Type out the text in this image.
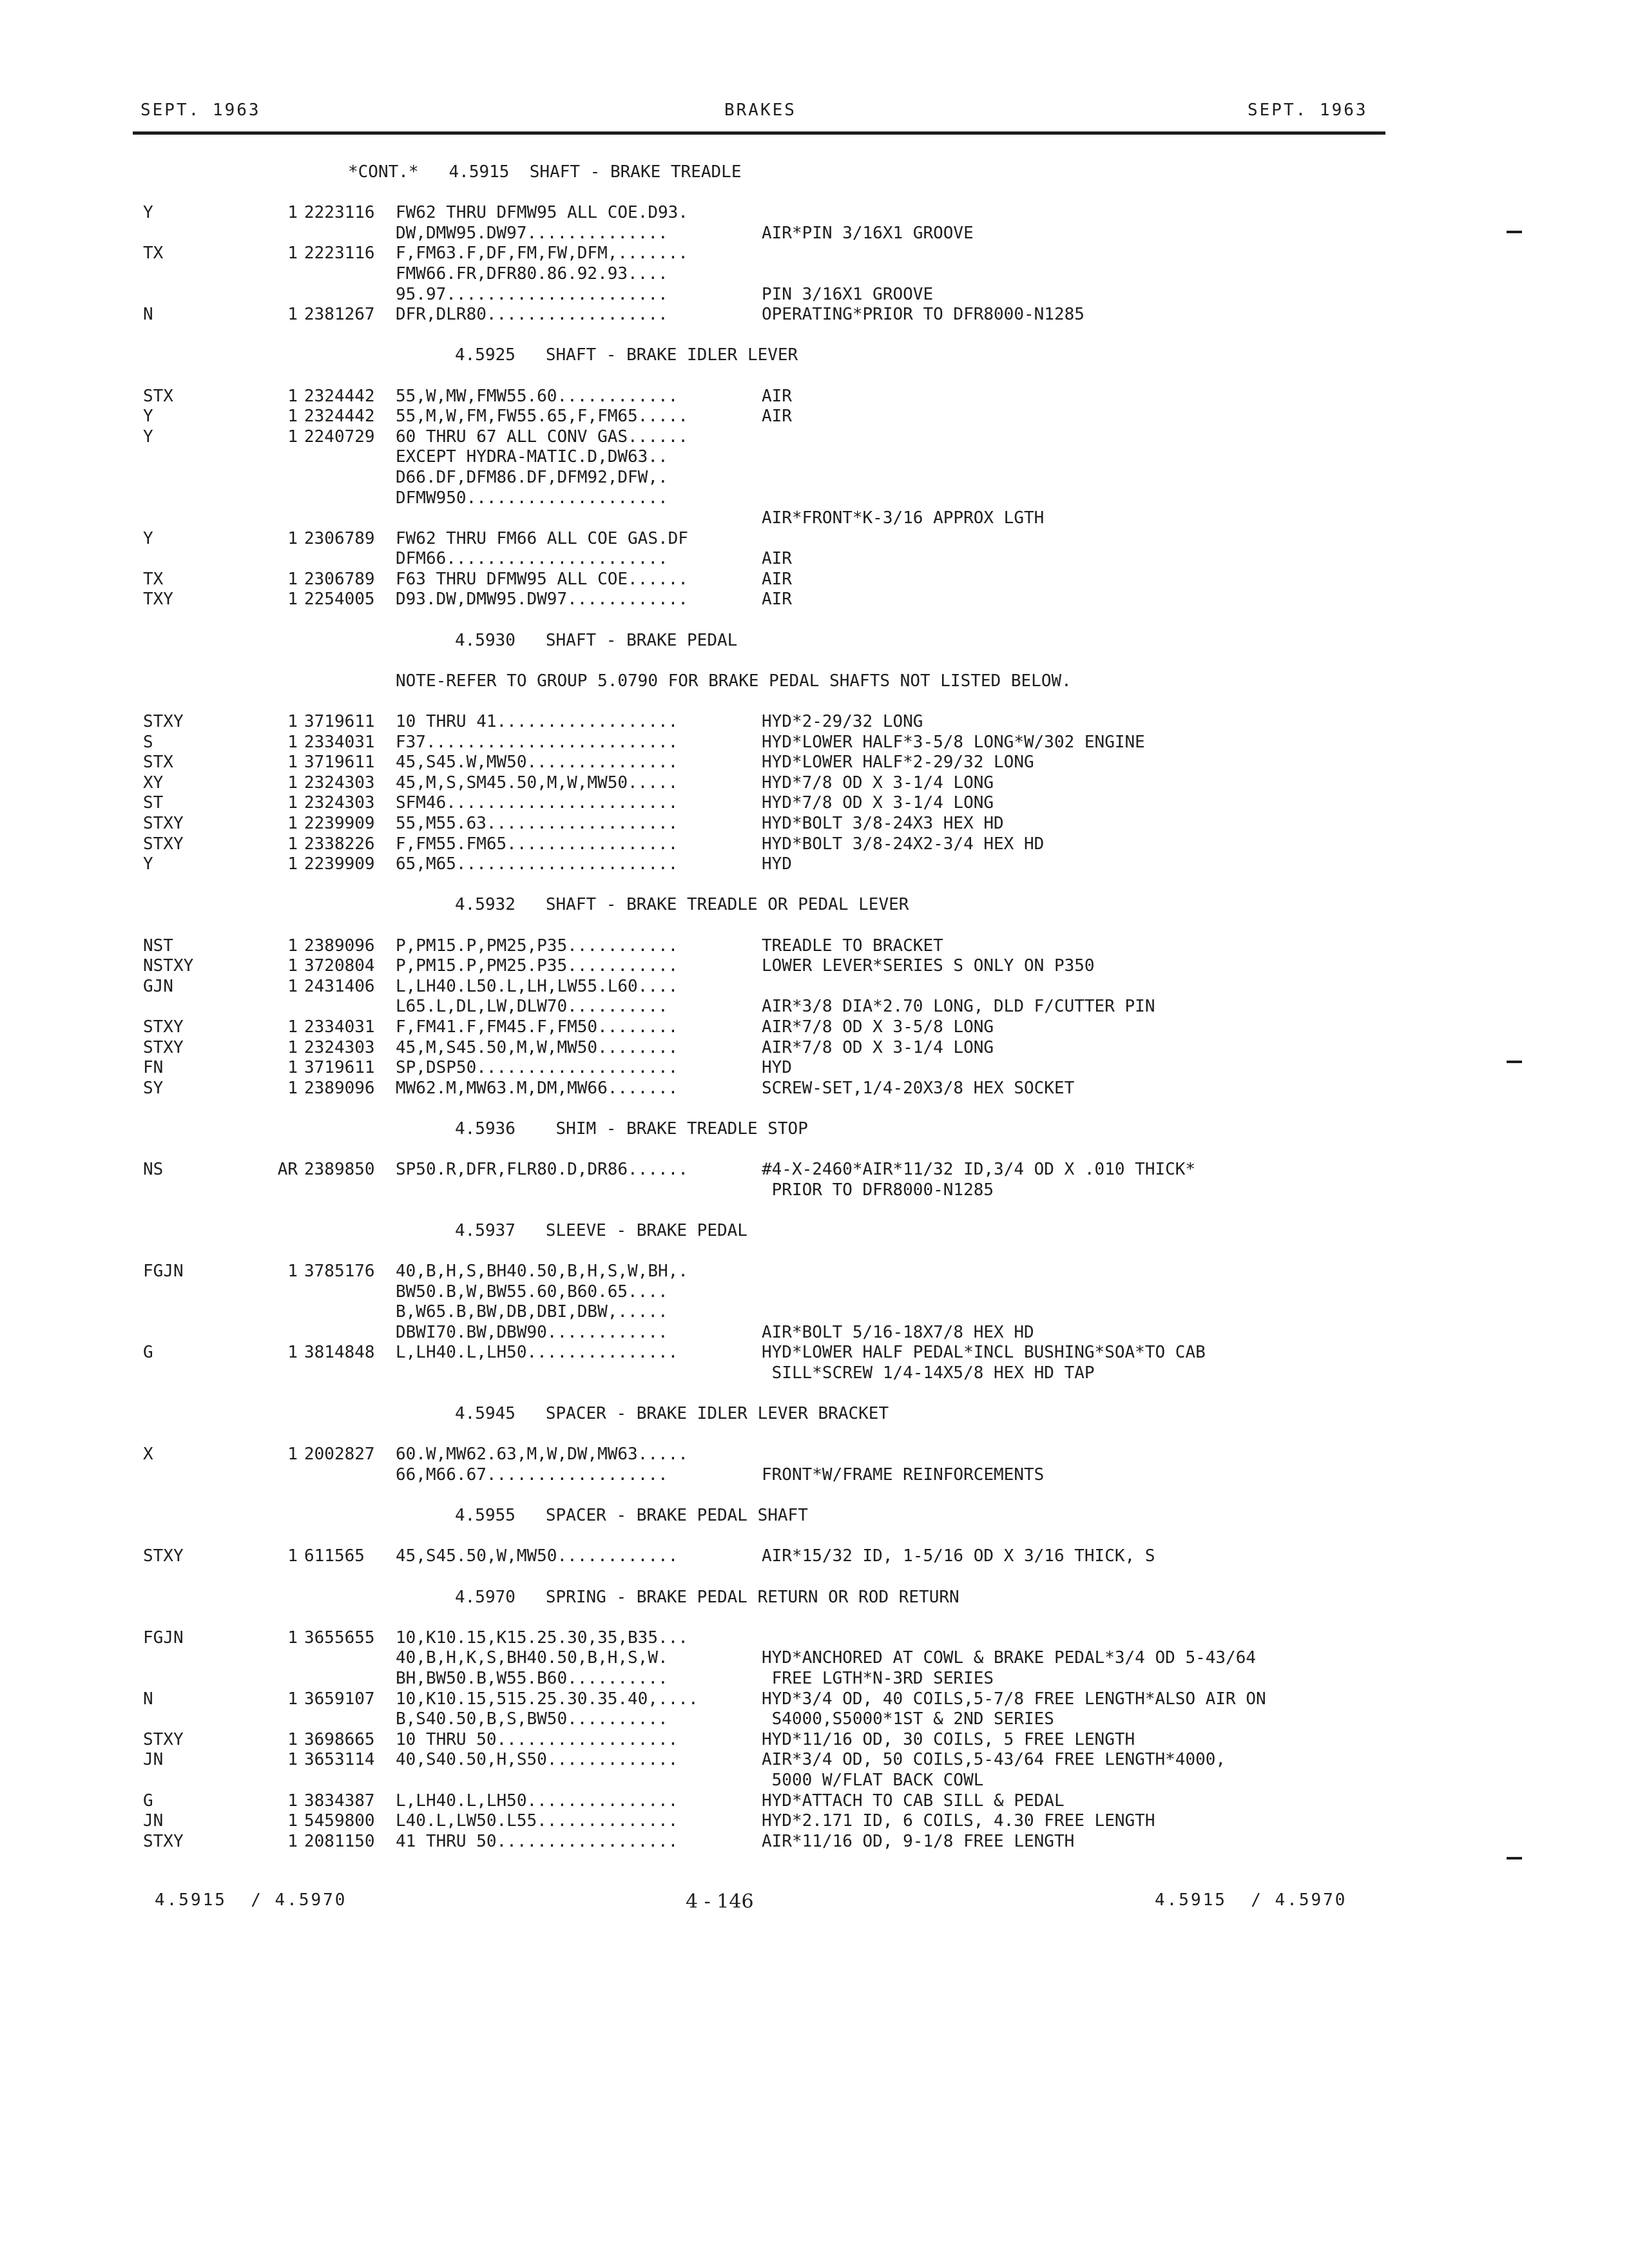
SEPT. 1963	BRAKES	SEPT. 1963
*CONT.*   4.5915  SHAFT - BRAKE TREADLE
Y	1 2223116 FW62 THRU DFMW95 ALL COE.D93.
DW,DMW95.DW97..............	AIR*PIN 3/16X1 GROOVE
TX	1 2223116 F,FM63.F,DF,FM,FW,DFM,.......
FMW66.FR,DFR80.86.92.93....
95.97......................	PIN 3/16X1 GROOVE
N	1 2381267 DFR,DLR80..................	OPERATING*PRIOR TO DFR8000-N1285
4.5925   SHAFT - BRAKE IDLER LEVER
STX	1 2324442 55,W,MW,FMW55.60............	AIR
Y	1 2324442 55,M,W,FM,FW55.65,F,FM65.....	AIR
Y	1 2240729 60 THRU 67 ALL CONV GAS......
EXCEPT HYDRA-MATIC.D,DW63..
D66.DF,DFM86.DF,DFM92,DFW,.
DFMW950....................
AIR*FRONT*K-3/16 APPROX LGTH
Y	1 2306789 FW62 THRU FM66 ALL COE GAS.DF
DFM66......................	AIR
TX	1 2306789 F63 THRU DFMW95 ALL COE......	AIR
TXY	1 2254005 D93.DW,DMW95.DW97............	AIR
4.5930   SHAFT - BRAKE PEDAL
NOTE-REFER TO GROUP 5.0790 FOR BRAKE PEDAL SHAFTS NOT LISTED BELOW.
STXY	1 3719611 10 THRU 41..................	HYD*2-29/32 LONG
S	1 2334031 F37.........................	HYD*LOWER HALF*3-5/8 LONG*W/302 ENGINE
STX	1 3719611 45,S45.W,MW50...............	HYD*LOWER HALF*2-29/32 LONG
XY	1 2324303 45,M,S,SM45.50,M,W,MW50.....	HYD*7/8 OD X 3-1/4 LONG
ST	1 2324303 SFM46.......................	HYD*7/8 OD X 3-1/4 LONG
STXY	1 2239909 55,M55.63...................	HYD*BOLT 3/8-24X3 HEX HD
STXY	1 2338226 F,FM55.FM65.................	HYD*BOLT 3/8-24X2-3/4 HEX HD
Y	1 2239909 65,M65......................	HYD
4.5932   SHAFT - BRAKE TREADLE OR PEDAL LEVER
NST	1 2389096 P,PM15.P,PM25,P35...........	TREADLE TO BRACKET
NSTXY	1 3720804 P,PM15.P,PM25.P35...........	LOWER LEVER*SERIES S ONLY ON P350
GJN	1 2431406 L,LH40.L50.L,LH,LW55.L60....
L65.L,DL,LW,DLW70..........	AIR*3/8 DIA*2.70 LONG, DLD F/CUTTER PIN
STXY	1 2334031 F,FM41.F,FM45.F,FM50........	AIR*7/8 OD X 3-5/8 LONG
STXY	1 2324303 45,M,S45.50,M,W,MW50........	AIR*7/8 OD X 3-1/4 LONG
FN	1 3719611 SP,DSP50....................	HYD
SY	1 2389096 MW62.M,MW63.M,DM,MW66.......	SCREW-SET,1/4-20X3/8 HEX SOCKET
4.5936    SHIM - BRAKE TREADLE STOP
NS	AR 2389850 SP50.R,DFR,FLR80.D,DR86......	#4-X-2460*AIR*11/32 ID,3/4 OD X .010 THICK*
PRIOR TO DFR8000-N1285
4.5937   SLEEVE - BRAKE PEDAL
FGJN	1 3785176 40,B,H,S,BH40.50,B,H,S,W,BH,.
BW50.B,W,BW55.60,B60.65....
B,W65.B,BW,DB,DBI,DBW,.....
DBWI70.BW,DBW90............	AIR*BOLT 5/16-18X7/8 HEX HD
G	1 3814848 L,LH40.L,LH50...............	HYD*LOWER HALF PEDAL*INCL BUSHING*SOA*TO CAB
SILL*SCREW 1/4-14X5/8 HEX HD TAP
4.5945   SPACER - BRAKE IDLER LEVER BRACKET
X	1 2002827 60.W,MW62.63,M,W,DW,MW63.....
66,M66.67..................	FRONT*W/FRAME REINFORCEMENTS
4.5955   SPACER - BRAKE PEDAL SHAFT
STXY	1 611565 45,S45.50,W,MW50............	AIR*15/32 ID, 1-5/16 OD X 3/16 THICK, S
4.5970   SPRING - BRAKE PEDAL RETURN OR ROD RETURN
FGJN	1 3655655 10,K10.15,K15.25.30,35,B35...
40,B,H,K,S,BH40.50,B,H,S,W.	HYD*ANCHORED AT COWL & BRAKE PEDAL*3/4 OD 5-43/64
BH,BW50.B,W55.B60..........	FREE LGTH*N-3RD SERIES
N	1 3659107 10,K10.15,515.25.30.35.40,....	HYD*3/4 OD, 40 COILS,5-7/8 FREE LENGTH*ALSO AIR ON
B,S40.50,B,S,BW50..........	S4000,S5000*1ST & 2ND SERIES
STXY	1 3698665 10 THRU 50..................	HYD*11/16 OD, 30 COILS, 5 FREE LENGTH
JN	1 3653114 40,S40.50,H,S50.............	AIR*3/4 OD, 50 COILS,5-43/64 FREE LENGTH*4000,
5000 W/FLAT BACK COWL
G	1 3834387 L,LH40.L,LH50...............	HYD*ATTACH TO CAB SILL & PEDAL
JN	1 5459800 L40.L,LW50.L55..............	HYD*2.171 ID, 6 COILS, 4.30 FREE LENGTH
STXY	1 2081150 41 THRU 50..................	AIR*11/16 OD, 9-1/8 FREE LENGTH
4.5915  / 4.5970	4 - 146	4.5915  / 4.5970
